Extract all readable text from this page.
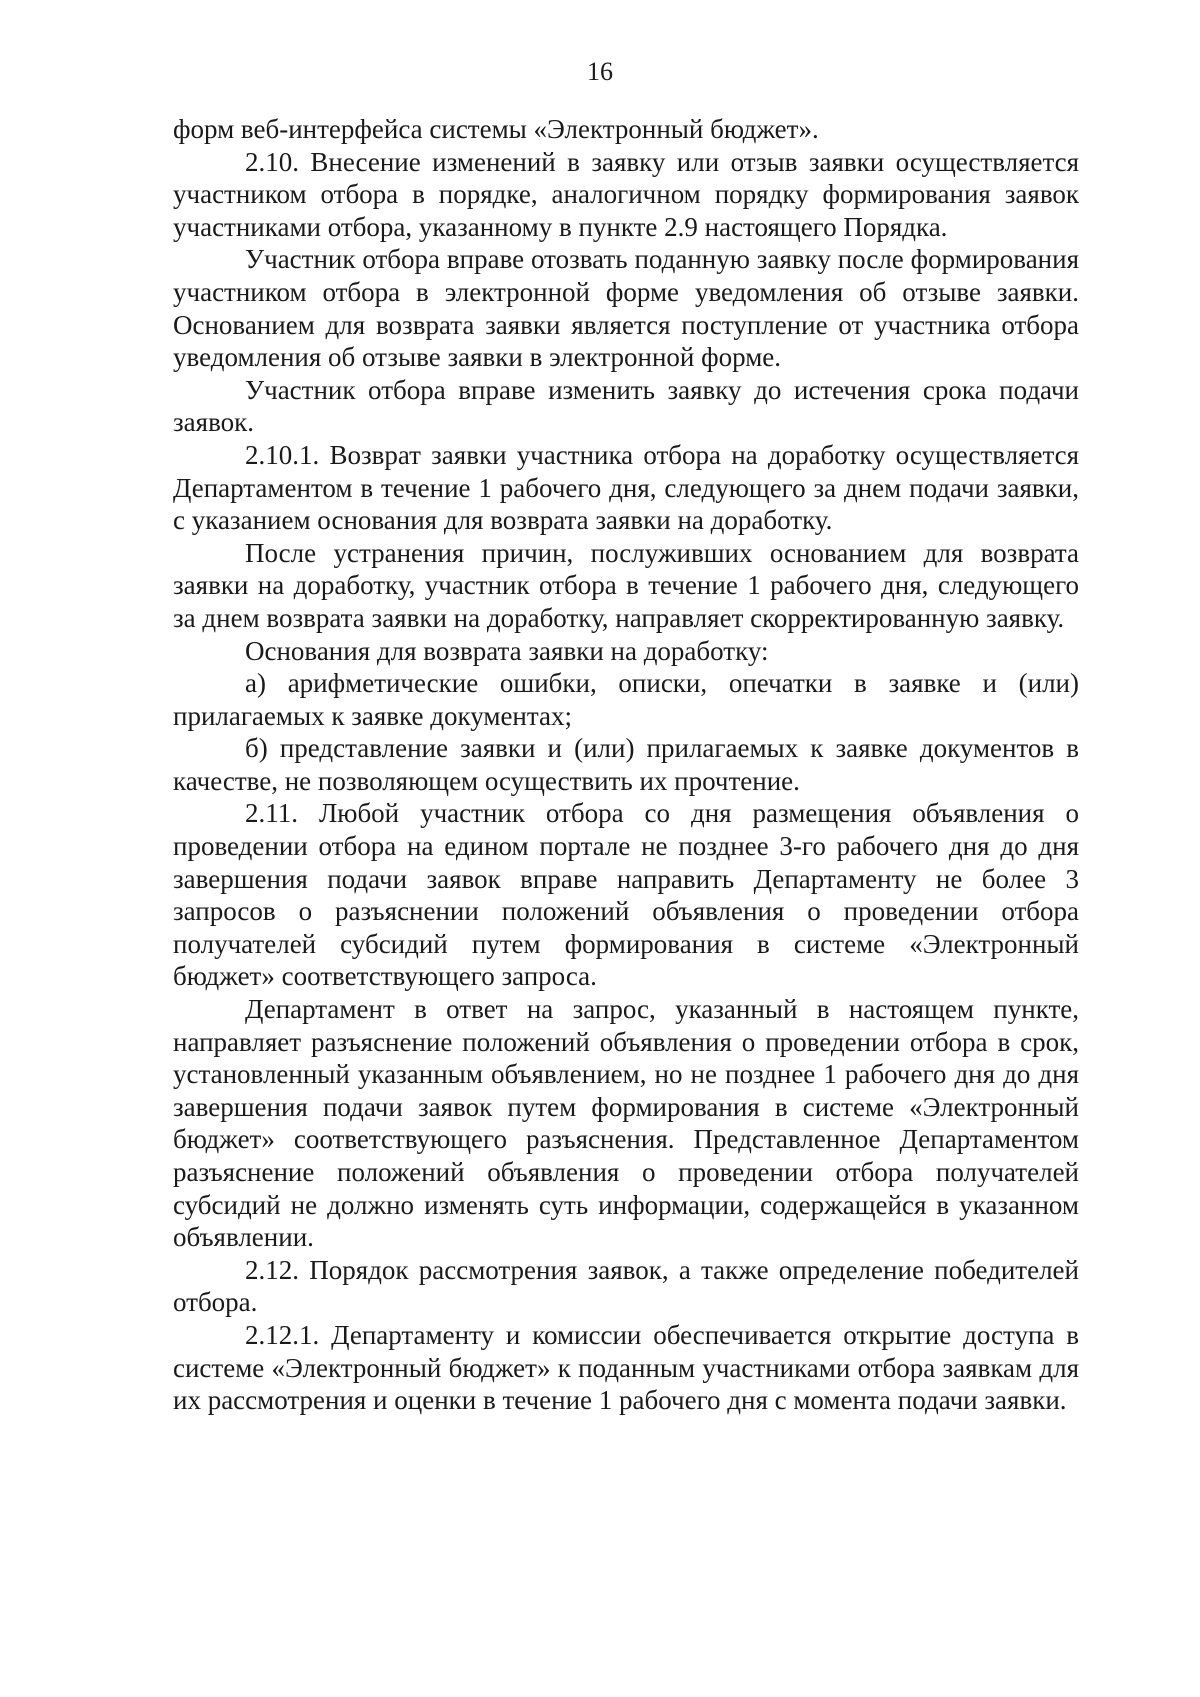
16

форм веб-интерфейса системы «Электронный бюджет».

2.10. Внесение изменений в заявку или отзыв заявки осуществляется участником отбора в порядке, аналогичном порядку формирования заявок участниками отбора, указанному в пункте 2.9 настоящего Порядка.

Участник отбора вправе отозвать поданную заявку после формирования участником отбора в электронной форме уведомления об отзыве заявки. Основанием для возврата заявки является поступление от участника отбора уведомления об отзыве заявки в электронной форме.

Участник отбора вправе изменить заявку до истечения срока подачи заявок.

2.10.1. Возврат заявки участника отбора на доработку осуществляется Департаментом в течение 1 рабочего дня, следующего за днем подачи заявки, с указанием основания для возврата заявки на доработку.

После устранения причин, послуживших основанием для возврата заявки на доработку, участник отбора в течение 1 рабочего дня, следующего за днем возврата заявки на доработку, направляет скорректированную заявку.

Основания для возврата заявки на доработку:

а) арифметические ошибки, описки, опечатки в заявке и (или) прилагаемых к заявке документах;

б) представление заявки и (или) прилагаемых к заявке документов в качестве, не позволяющем осуществить их прочтение.

2.11. Любой участник отбора со дня размещения объявления о проведении отбора на едином портале не позднее 3-го рабочего дня до дня завершения подачи заявок вправе направить Департаменту не более 3 запросов о разъяснении положений объявления о проведении отбора получателей субсидий путем формирования в системе «Электронный бюджет» соответствующего запроса.

Департамент в ответ на запрос, указанный в настоящем пункте, направляет разъяснение положений объявления о проведении отбора в срок, установленный указанным объявлением, но не позднее 1 рабочего дня до дня завершения подачи заявок путем формирования в системе «Электронный бюджет» соответствующего разъяснения. Представленное Департаментом разъяснение положений объявления о проведении отбора получателей субсидий не должно изменять суть информации, содержащейся в указанном объявлении.

2.12. Порядок рассмотрения заявок, а также определение победителей отбора.

2.12.1. Департаменту и комиссии обеспечивается открытие доступа в системе «Электронный бюджет» к поданным участниками отбора заявкам для их рассмотрения и оценки в течение 1 рабочего дня с момента подачи заявки.
